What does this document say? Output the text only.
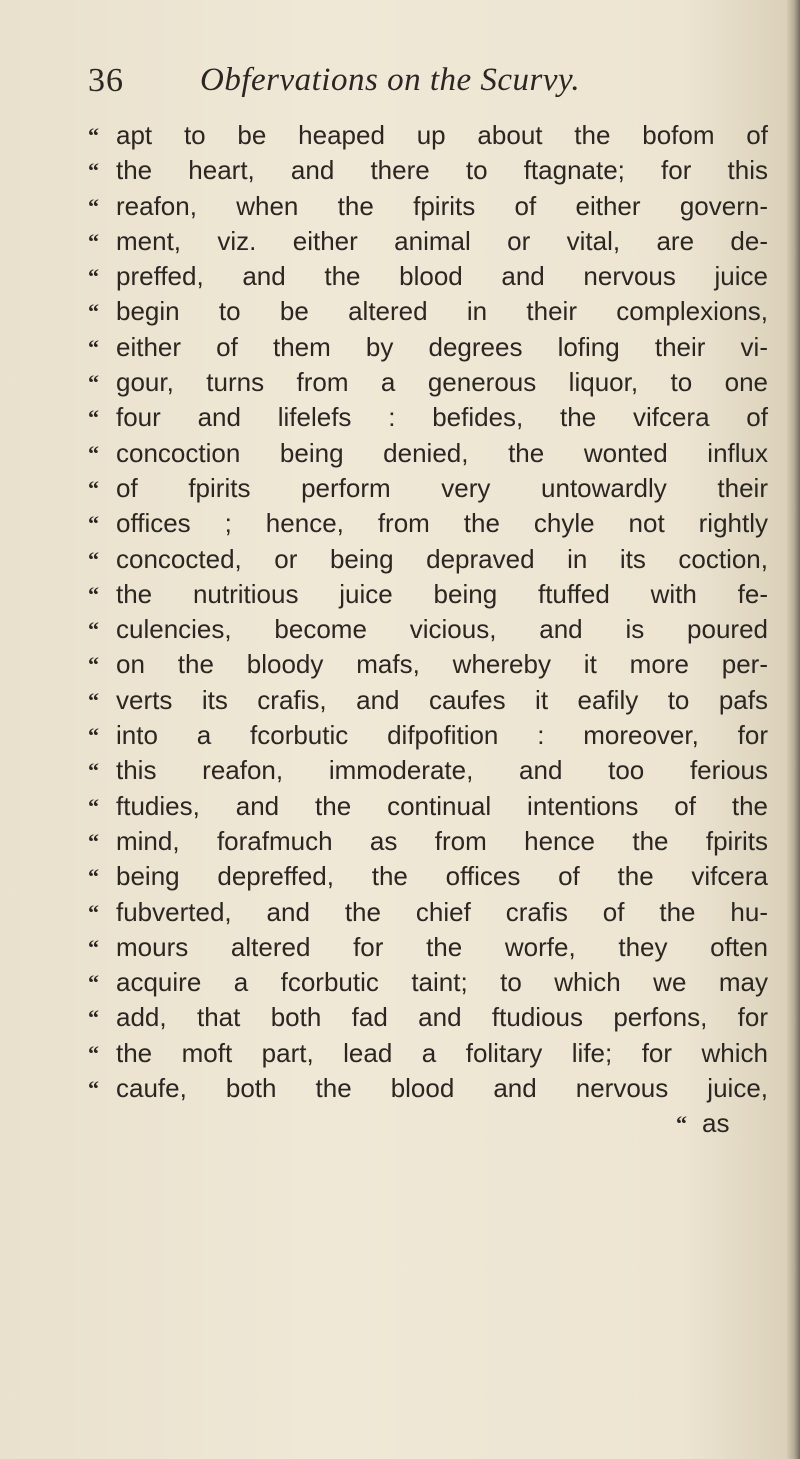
36 Obfervations on the Scurvy.
“ apt to be heaped up about the bofom of
“ the heart, and there to ftagnate; for this
“ reafon, when the fpirits of either govern-
“ ment, viz. either animal or vital, are de-
“ preffed, and the blood and nervous juice
“ begin to be altered in their complexions,
“ either of them by degrees lofing their vi-
“ gour, turns from a generous liquor, to one
“ four and lifelefs : befides, the vifcera of
“ concoction being denied, the wonted influx
“ of fpirits perform very untowardly their
“ offices ; hence, from the chyle not rightly
“ concocted, or being depraved in its coction,
“ the nutritious juice being ftuffed with fe-
“ culencies, become vicious, and is poured
“ on the bloody mafs, whereby it more per-
“ verts its crafis, and caufes it eafily to pafs
“ into a fcorbutic difpofition : moreover, for
“ this reafon, immoderate, and too ferious
“ ftudies, and the continual intentions of the
“ mind, forafmuch as from hence the fpirits
“ being depreffed, the offices of the vifcera
“ fubverted, and the chief crafis of the hu-
“ mours altered for the worfe, they often
“ acquire a fcorbutic taint; to which we may
“ add, that both fad and ftudious perfons, for
“ the moft part, lead a folitary life; for which
“ caufe, both the blood and nervous juice,
“ as
